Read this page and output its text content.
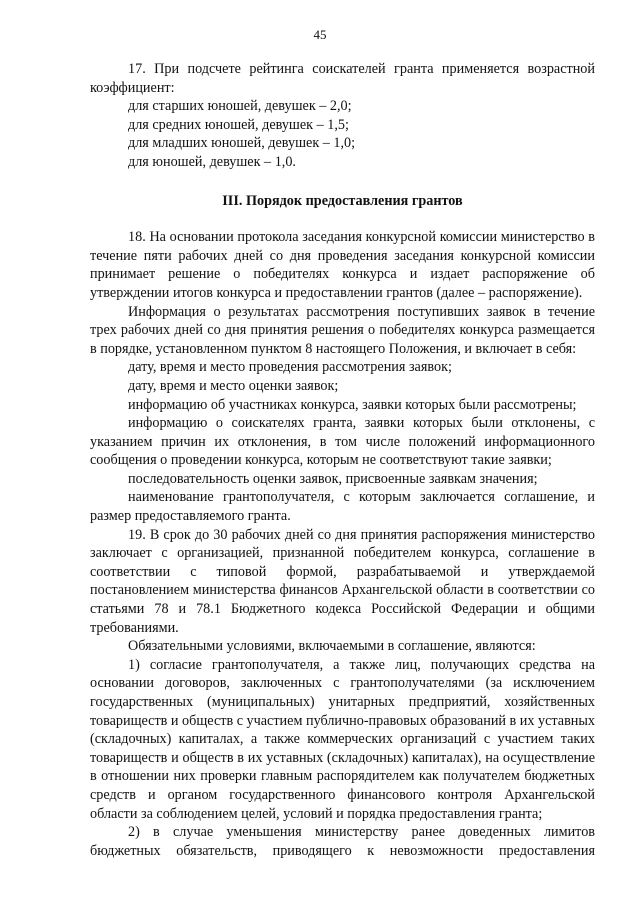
45

17. При подсчете рейтинга соискателей гранта применяется возрастной коэффициент:

для старших юношей, девушек – 2,0;

для средних юношей, девушек – 1,5;

для младших юношей, девушек – 1,0;

для юношей, девушек – 1,0.

III. Порядок предоставления грантов

18. На основании протокола заседания конкурсной комиссии министерство в течение пяти рабочих дней со дня проведения заседания конкурсной комиссии принимает решение о победителях конкурса и издает распоряжение об утверждении итогов конкурса и предоставлении грантов (далее – распоряжение).

Информация о результатах рассмотрения поступивших заявок в течение трех рабочих дней со дня принятия решения о победителях конкурса размещается в порядке, установленном пунктом 8 настоящего Положения, и включает в себя:

дату, время и место проведения рассмотрения заявок;

дату, время и место оценки заявок;

информацию об участниках конкурса, заявки которых были рассмотрены;

информацию о соискателях гранта, заявки которых были отклонены, с указанием причин их отклонения, в том числе положений информационного сообщения о проведении конкурса, которым не соответствуют такие заявки;

последовательность оценки заявок, присвоенные заявкам значения;

наименование грантополучателя, с которым заключается соглашение, и размер предоставляемого гранта.

19. В срок до 30 рабочих дней со дня принятия распоряжения министерство заключает с организацией, признанной победителем конкурса, соглашение в соответствии с типовой формой, разрабатываемой и утверждаемой постановлением министерства финансов Архангельской области в соответствии со статьями 78 и 78.1 Бюджетного кодекса Российской Федерации и общими требованиями.

Обязательными условиями, включаемыми в соглашение, являются:

1) согласие грантополучателя, а также лиц, получающих средства на основании договоров, заключенных с грантополучателями (за исключением государственных (муниципальных) унитарных предприятий, хозяйственных товариществ и обществ с участием публично-правовых образований в их уставных (складочных) капиталах, а также коммерческих организаций с участием таких товариществ и обществ в их уставных (складочных) капиталах), на осуществление в отношении них проверки главным распорядителем как получателем бюджетных средств и органом государственного финансового контроля Архангельской области за соблюдением целей, условий и порядка предоставления гранта;

2) в случае уменьшения министерству ранее доведенных лимитов бюджетных обязательств, приводящего к невозможности предоставления
